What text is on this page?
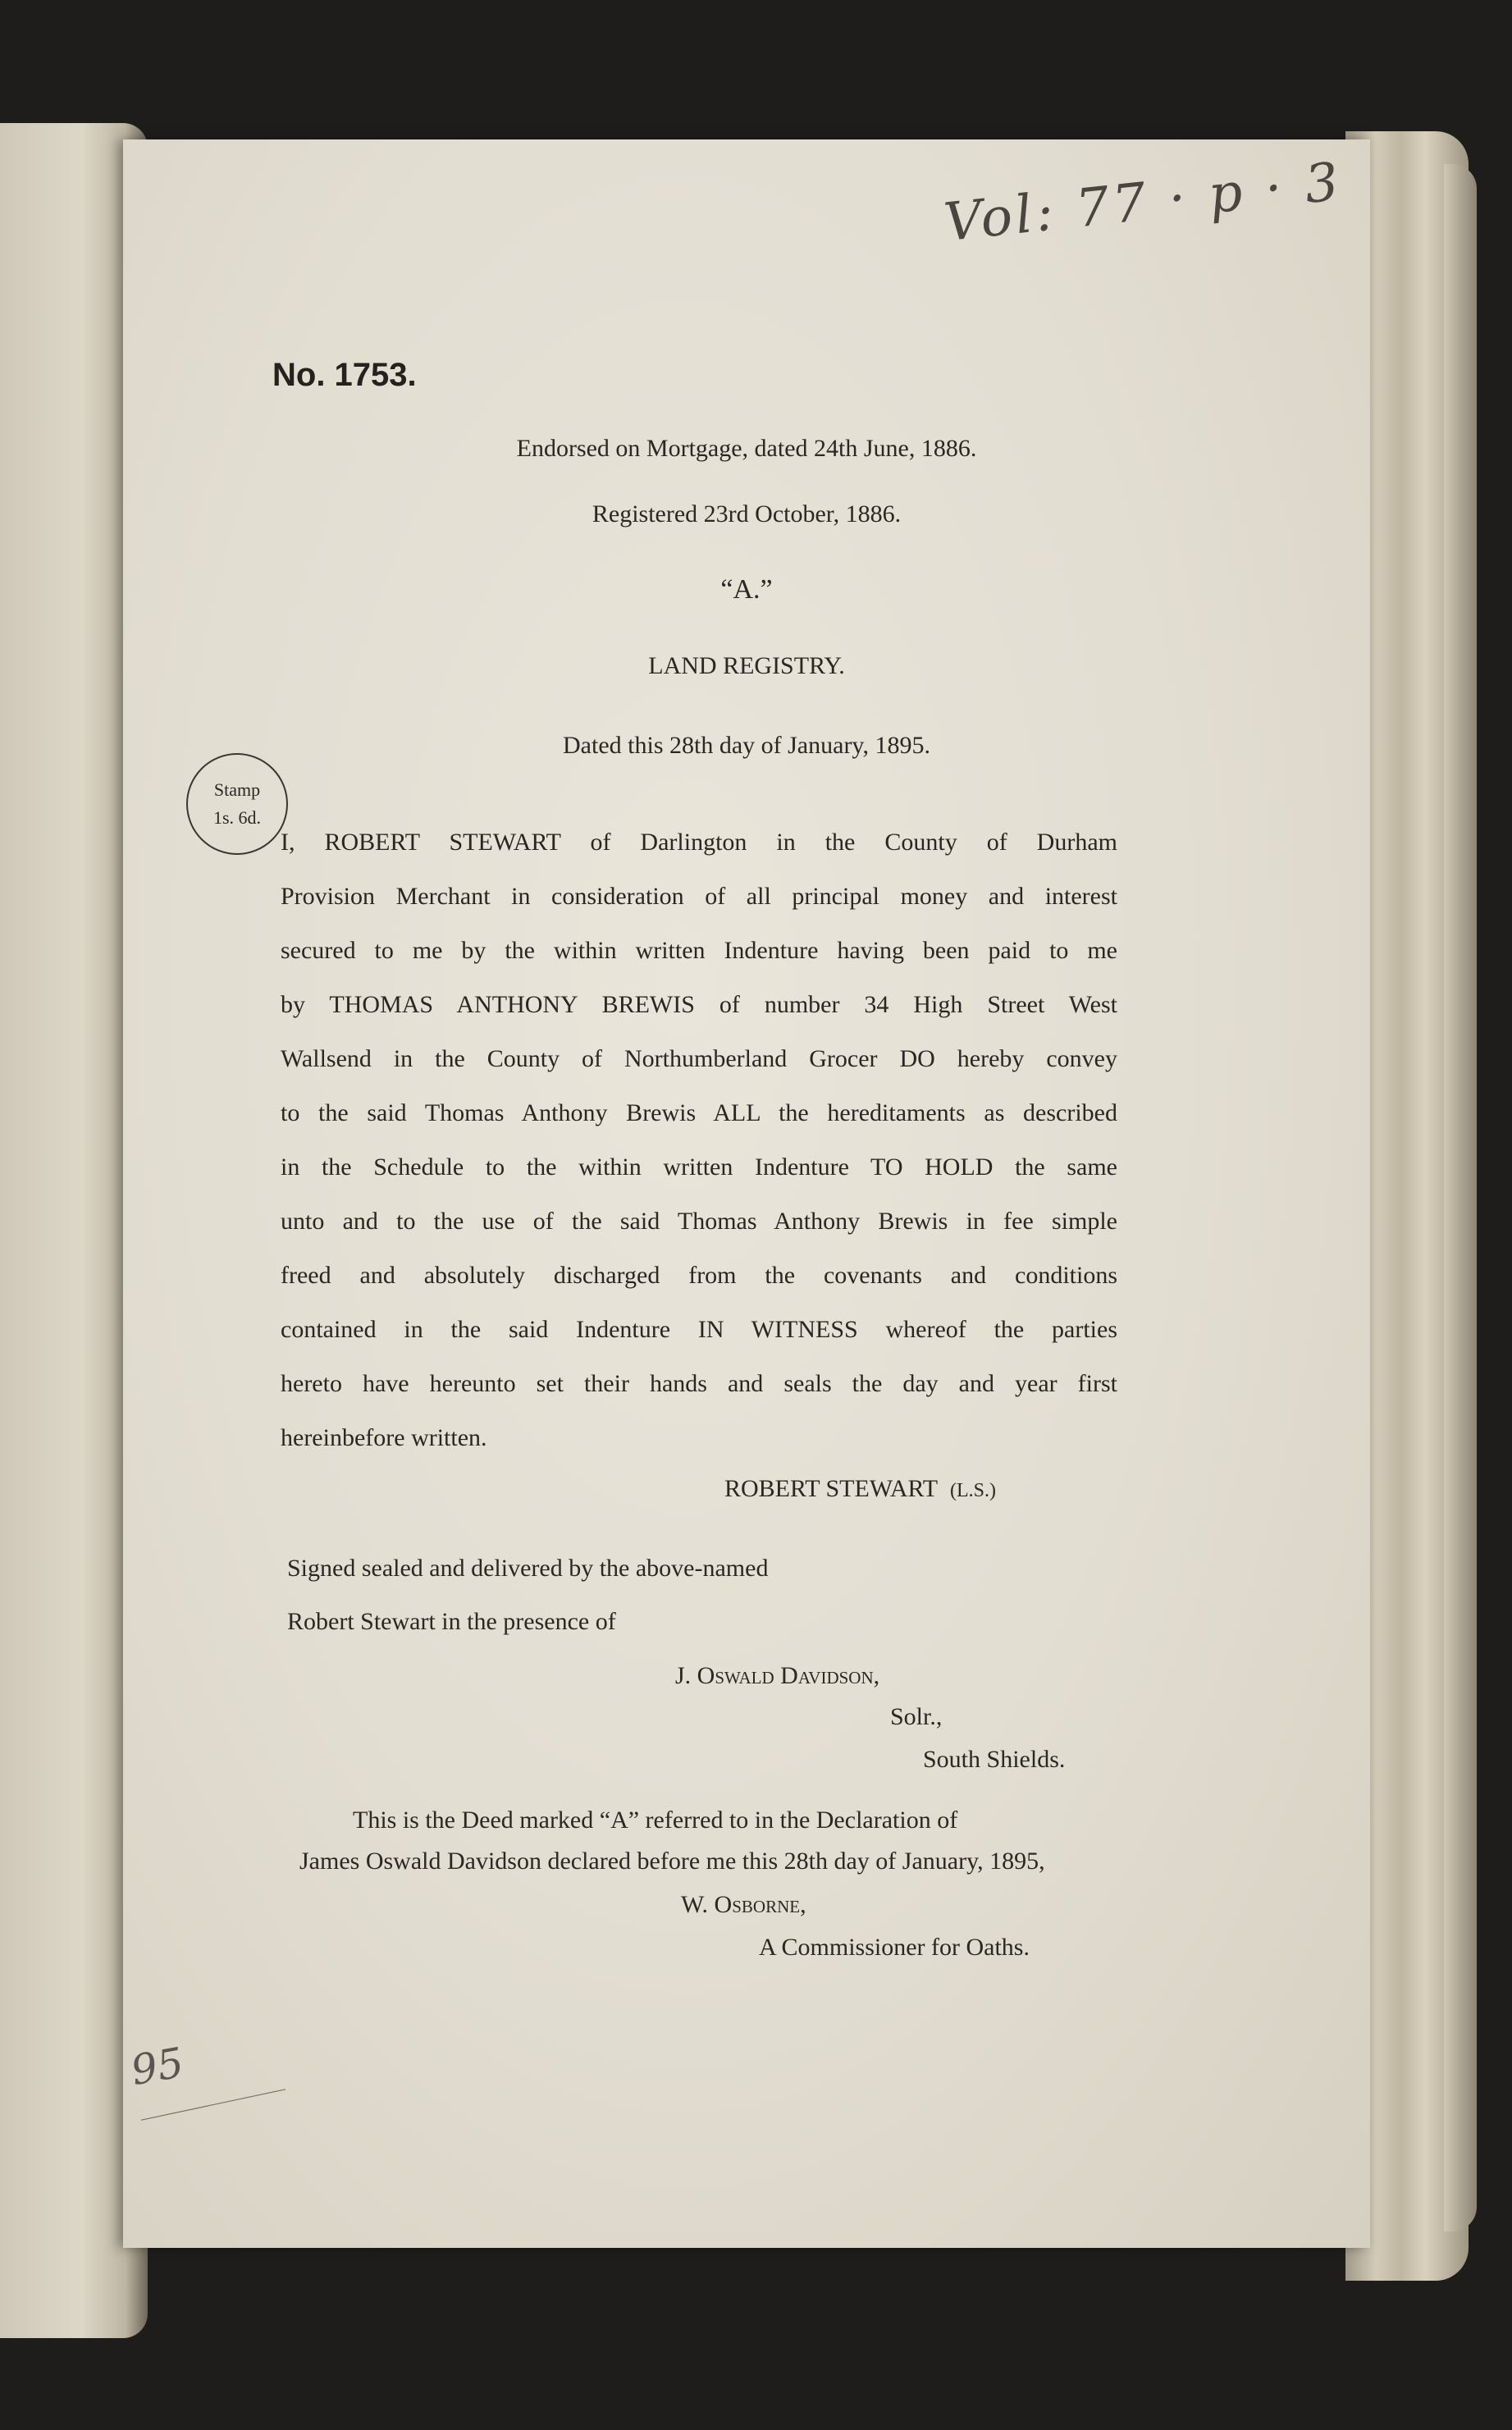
Vol: 77 · p · 3
No. 1753.
Endorsed on Mortgage, dated 24th June, 1886.
Registered 23rd October, 1886.
“A.”
LAND REGISTRY.
Dated this 28th day of January, 1895.
Stamp
1s. 6d.
I, ROBERT STEWART of Darlington in the County of Durham
Provision Merchant in consideration of all principal money and interest
secured to me by the within written Indenture having been paid to me
by THOMAS ANTHONY BREWIS of number 34 High Street West
Wallsend in the County of Northumberland Grocer DO hereby convey
to the said Thomas Anthony Brewis ALL the hereditaments as described
in the Schedule to the within written Indenture TO HOLD the same
unto and to the use of the said Thomas Anthony Brewis in fee simple
freed and absolutely discharged from the covenants and conditions
contained in the said Indenture IN WITNESS whereof the parties
hereto have hereunto set their hands and seals the day and year first
hereinbefore written.
ROBERT STEWART (L.S.)
Signed sealed and delivered by the above-named
Robert Stewart in the presence of
J. Oswald Davidson,
Solr.,
South Shields.
This is the Deed marked “A” referred to in the Declaration of
James Oswald Davidson declared before me this 28th day of January, 1895,
W. Osborne,
A Commissioner for Oaths.
95
